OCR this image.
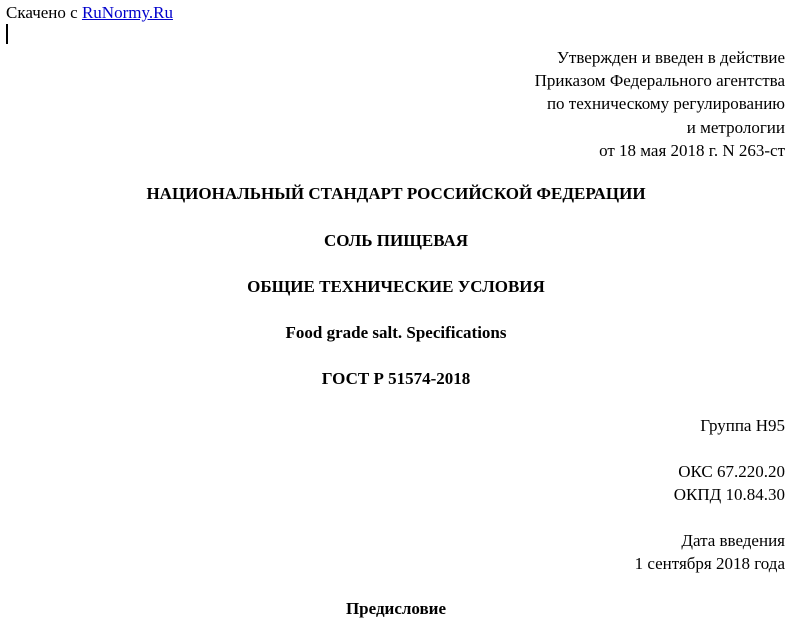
Скачено с RuNormy.Ru
Утвержден и введен в действие
Приказом Федерального агентства
по техническому регулированию
и метрологии
от 18 мая 2018 г. N 263-ст
НАЦИОНАЛЬНЫЙ СТАНДАРТ РОССИЙСКОЙ ФЕДЕРАЦИИ
СОЛЬ ПИЩЕВАЯ
ОБЩИЕ ТЕХНИЧЕСКИЕ УСЛОВИЯ
Food grade salt. Specifications
ГОСТ Р 51574-2018
Группа Н95
ОКС 67.220.20
ОКПД 10.84.30
Дата введения
1 сентября 2018 года
Предисловие
